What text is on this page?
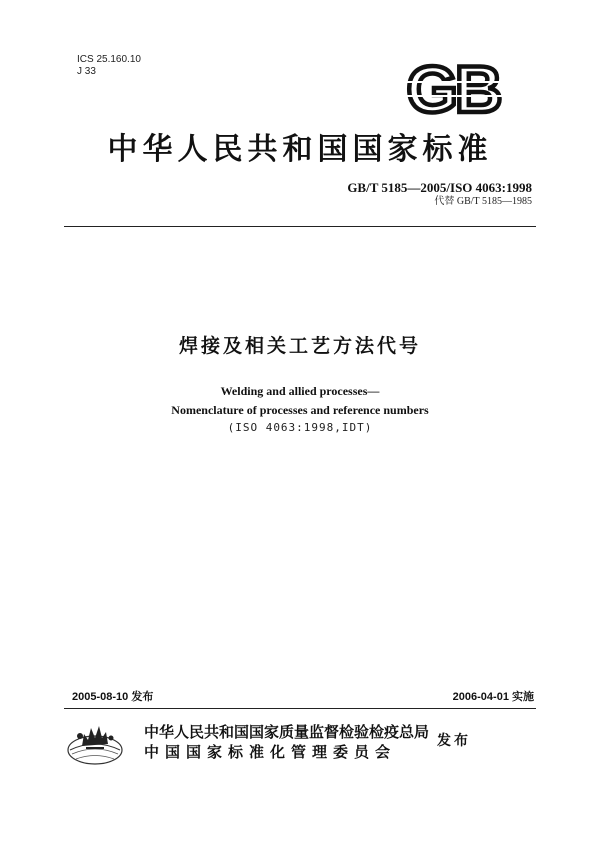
ICS 25.160.10
J 33	GB
中华人民共和国国家标准
GB/T 5185—2005/ISO 4063:1998
代替 GB/T 5185—1985
焊接及相关工艺方法代号
Welding and allied processes—
Nomenclature of processes and reference numbers
(ISO 4063:1998,IDT)
2005-08-10 发布	2006-04-01 实施
中华人民共和国国家质量监督检验检疫总局
中国国家标准化管理委员会
发布
